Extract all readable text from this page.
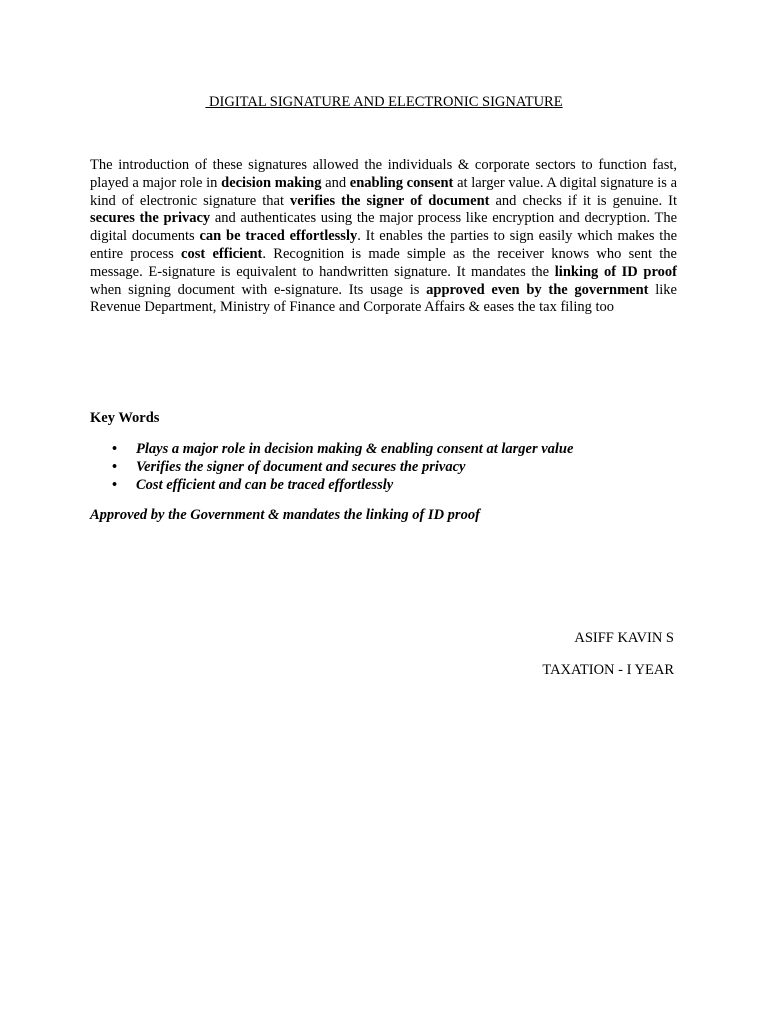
DIGITAL SIGNATURE AND ELECTRONIC SIGNATURE

The introduction of these signatures allowed the individuals & corporate sectors to function fast, played a major role in decision making and enabling consent at larger value. A digital signature is a kind of electronic signature that verifies the signer of document and checks if it is genuine. It secures the privacy and authenticates using the major process like encryption and decryption. The digital documents can be traced effortlessly. It enables the parties to sign easily which makes the entire process cost efficient. Recognition is made simple as the receiver knows who sent the message. E-signature is equivalent to handwritten signature. It mandates the linking of ID proof when signing document with e-signature. Its usage is approved even by the government like Revenue Department, Ministry of Finance and Corporate Affairs & eases the tax filing too

Key Words
• Plays a major role in decision making & enabling consent at larger value
• Verifies the signer of document and secures the privacy
• Cost efficient and can be traced effortlessly
Approved by the Government & mandates the linking of ID proof
ASIFF KAVIN S
TAXATION - I YEAR
